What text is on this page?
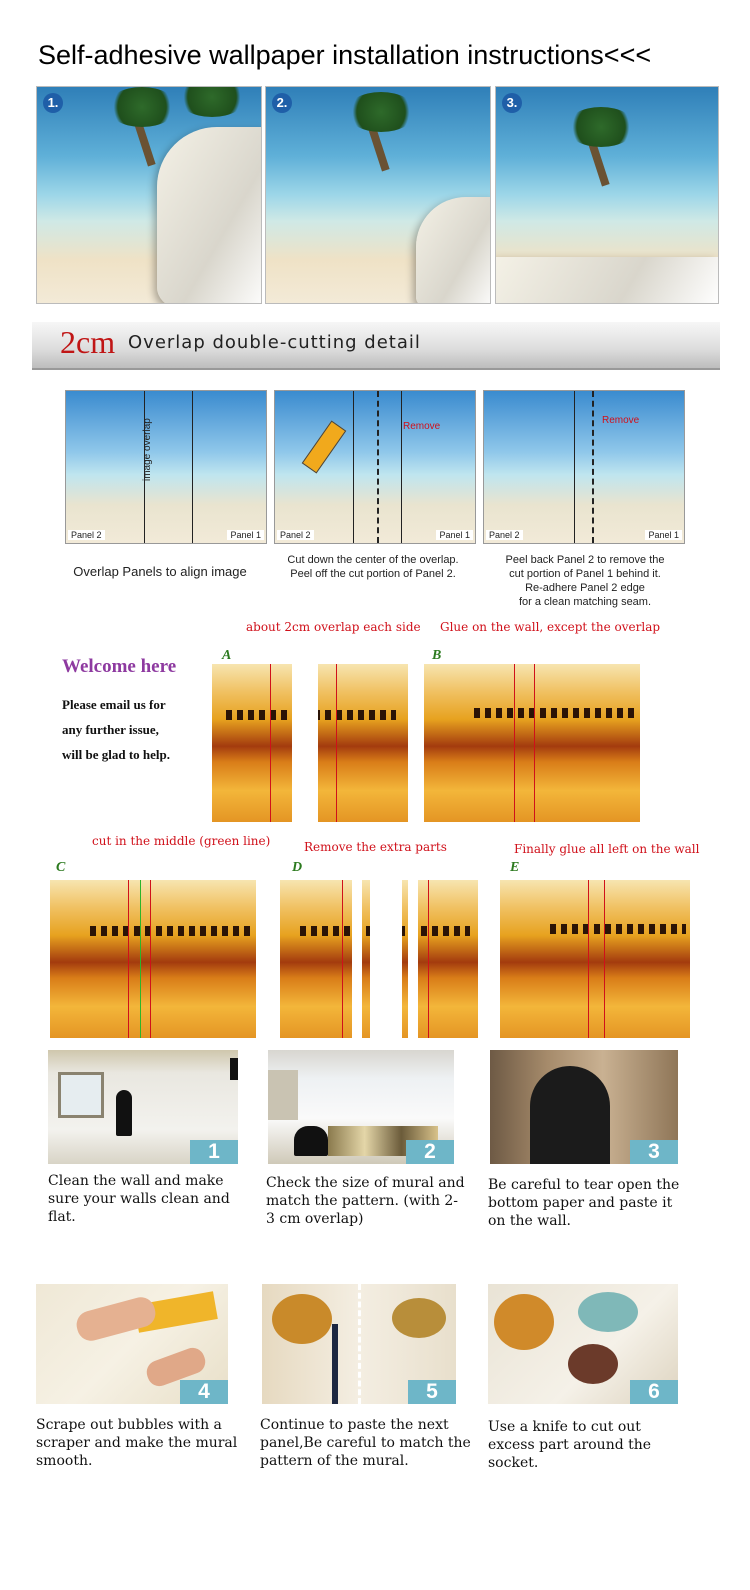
Self-adhesive wallpaper installation instructions<<<
1.	2.	3.
2cm Overlap double-cutting detail
image overlap
Panel 2	Panel 1
Remove
Panel 2	Panel 1
Remove
Panel 2	Panel 1
Overlap Panels to align image
Cut down the center of the overlap.
Peel off the cut portion of Panel 2.
Peel back Panel 2 to remove the
cut portion of Panel 1 behind it.
Re-adhere Panel 2 edge
for a clean matching seam.
Welcome here
Please email us for
any further issue,
will be glad to help.
about 2cm overlap each side
A
Glue on the wall, except the overlap
B
cut in the middle (green line)
C
Remove the extra parts
D
Finally glue all left on the wall
E
1	2	3
Clean the wall and make sure your walls clean and flat.
Check the size of mural and match the pattern. (with 2-3 cm overlap)
Be careful to tear open the bottom paper and paste it on the wall.
4	5	6
Scrape out bubbles with a scraper and make the mural smooth.
Continue to paste the next panel,Be careful to match the pattern of the mural.
Use a knife to cut out excess part around the socket.
